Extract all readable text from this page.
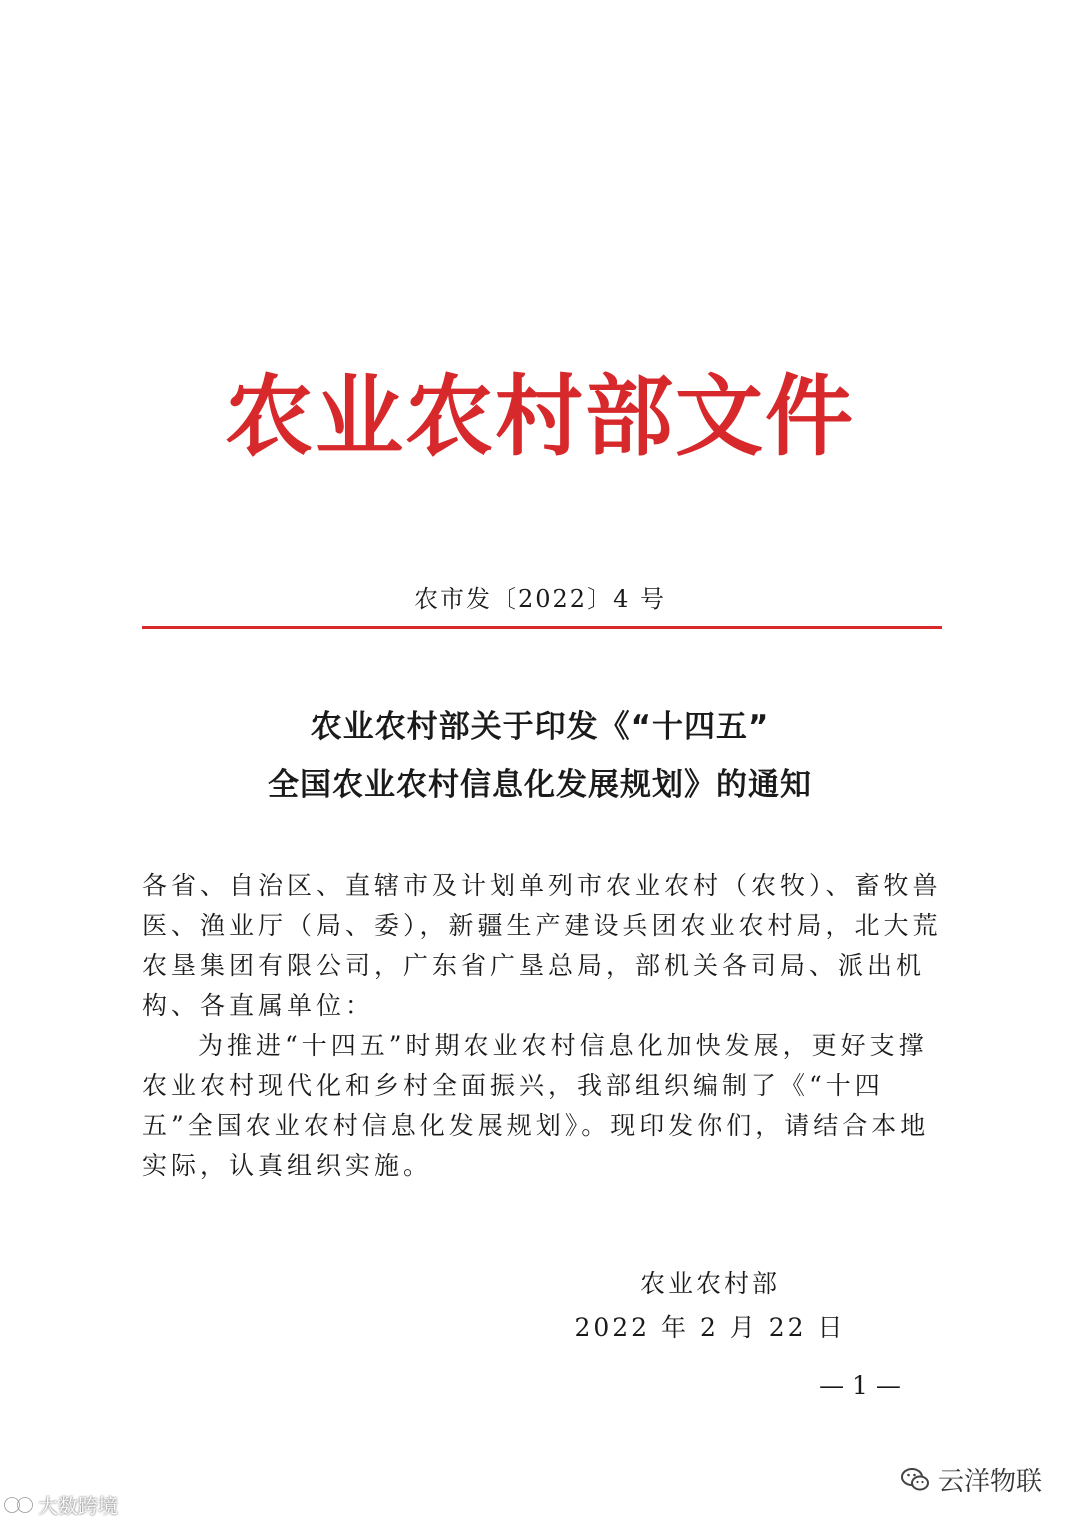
农业农村部文件
农市发〔2022〕4 号
农业农村部关于印发《“十四五”
全国农业农村信息化发展规划》的通知

各省、自治区、直辖市及计划单列市农业农村（农牧）、畜牧兽医、渔业厅（局、委），新疆生产建设兵团农业农村局，北大荒农垦集团有限公司，广东省广垦总局，部机关各司局、派出机构、各直属单位：

为推进“十四五”时期农业农村信息化加快发展，更好支撑农业农村现代化和乡村全面振兴，我部组织编制了《“十四五”全国农业农村信息化发展规划》。现印发你们，请结合本地实际，认真组织实施。

农业农村部
2022 年 2 月 22 日
— 1 —
大数跨境
云洋物联
